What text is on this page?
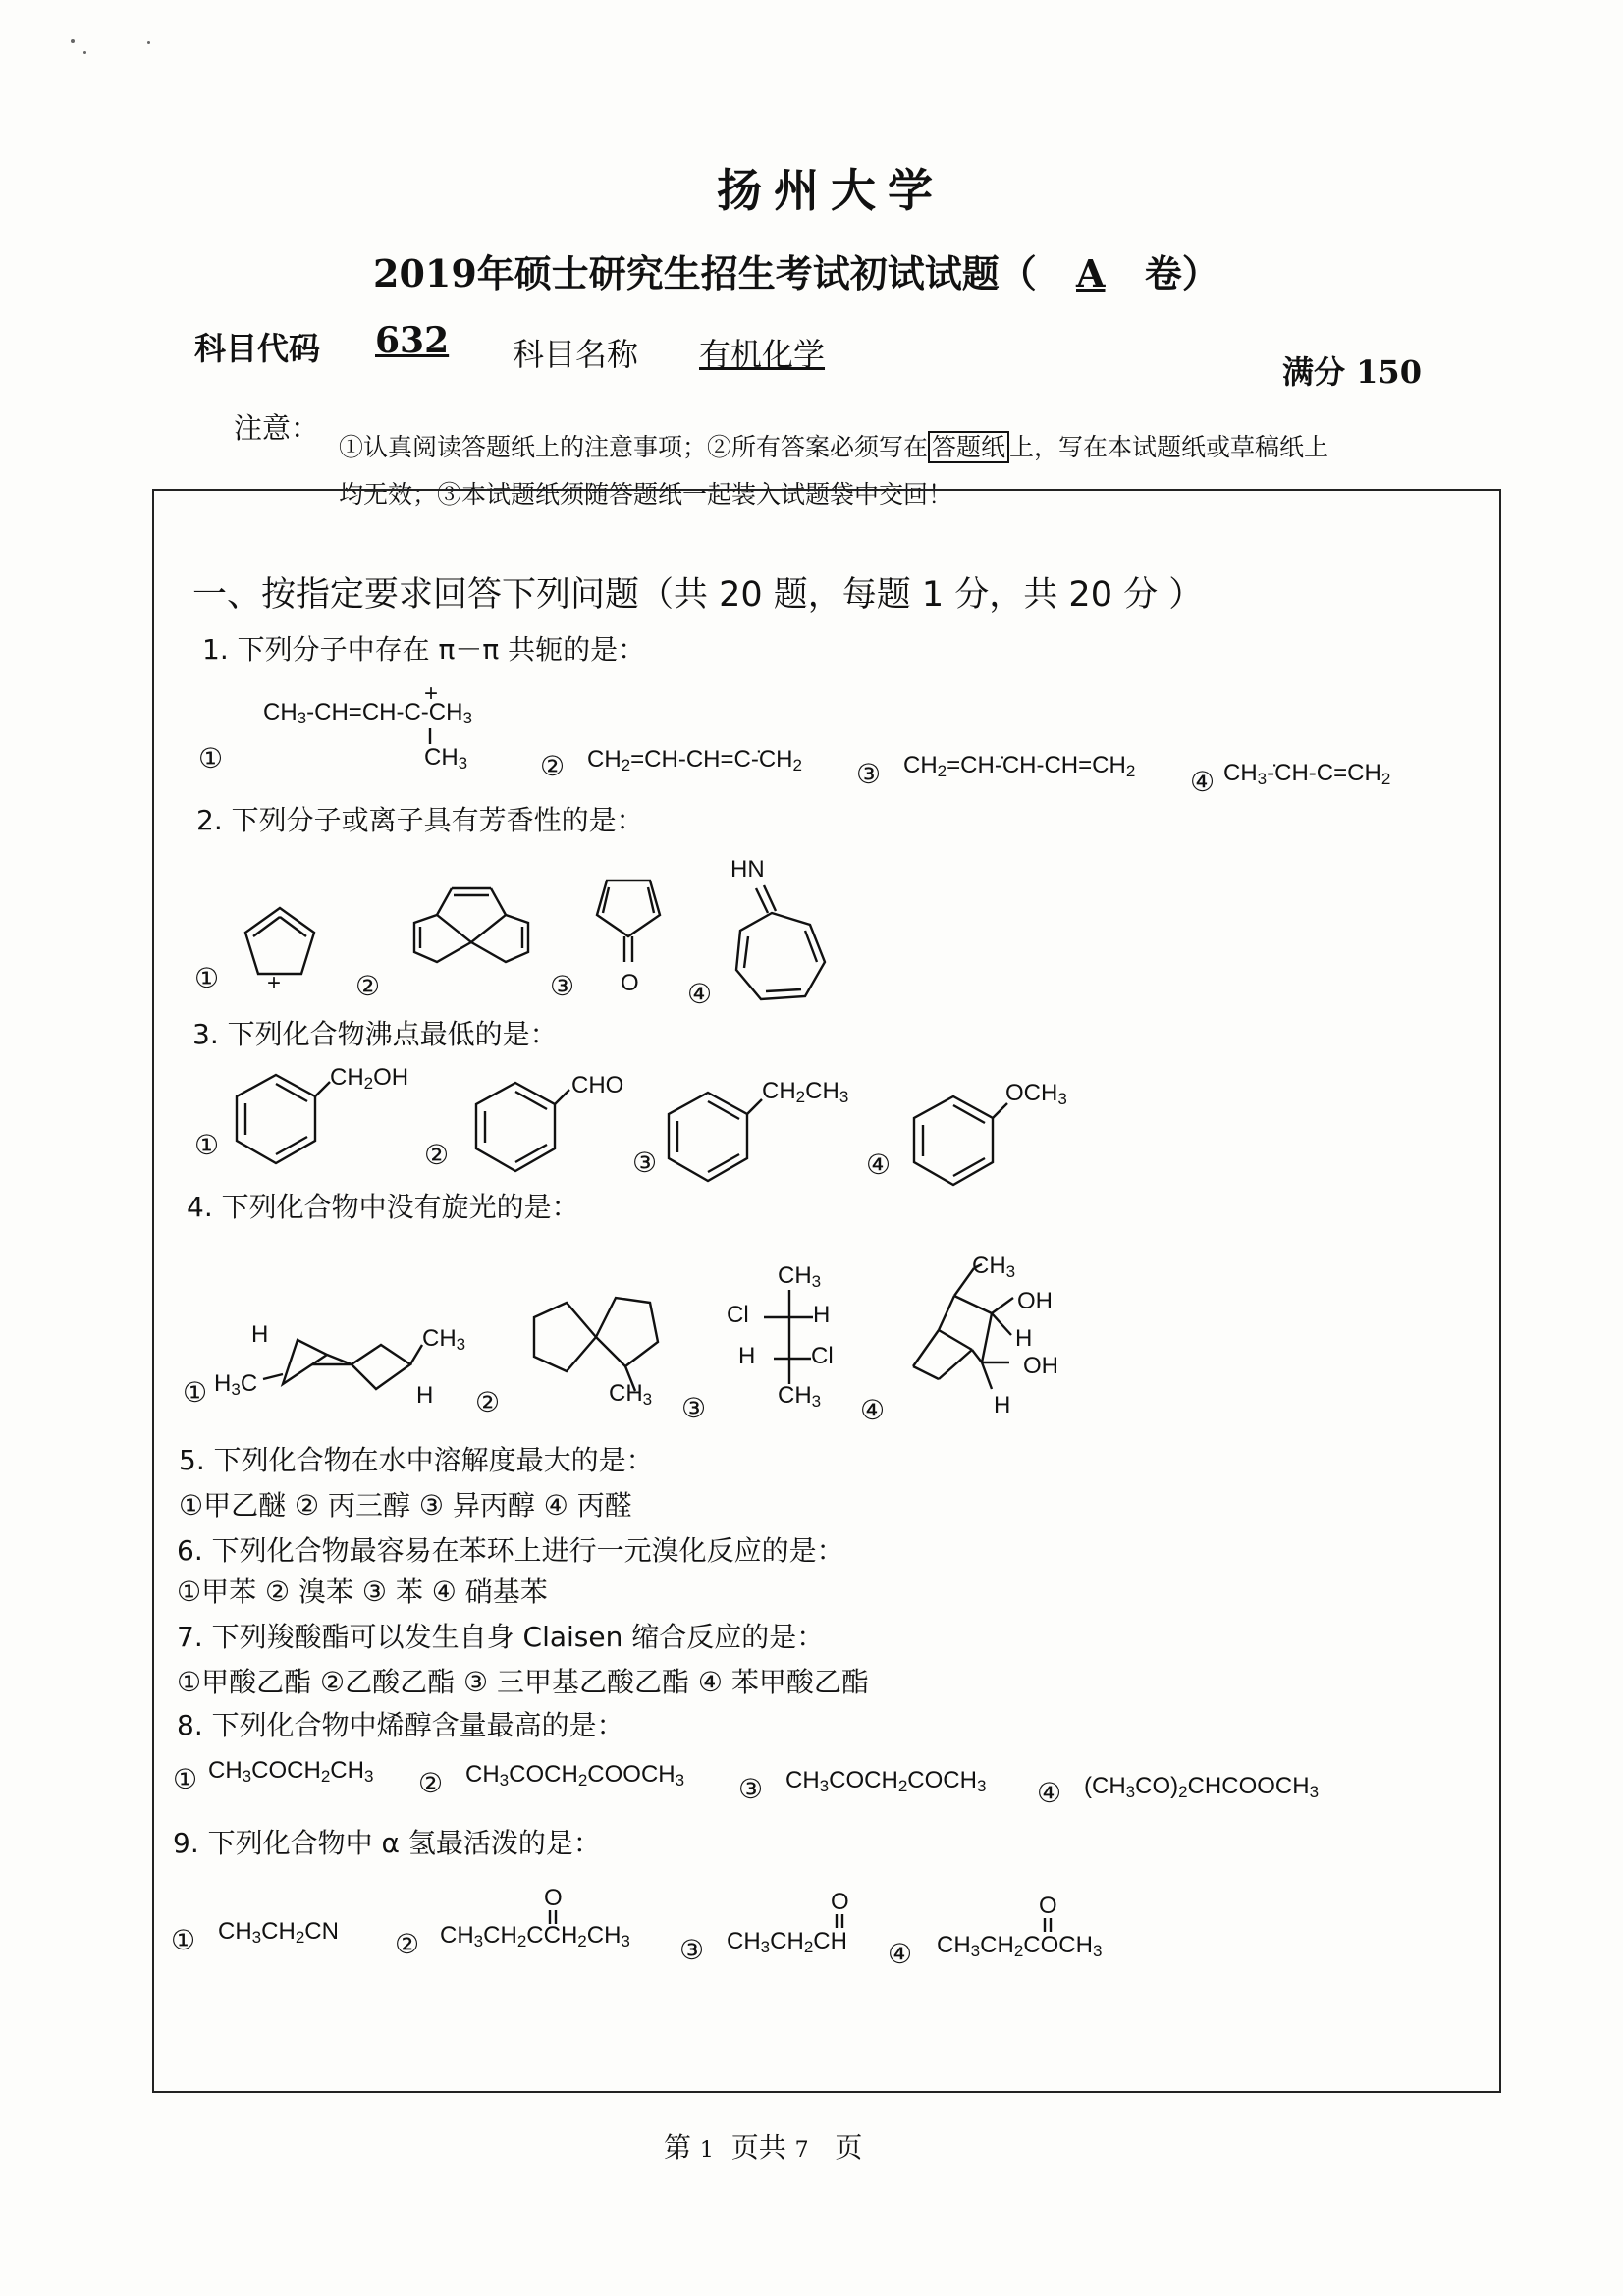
扬州大学
2019年硕士研究生招生考试初试试题（ A 卷）
科目代码 632 科目名称 有机化学	满分 150
注意：
①认真阅读答题纸上的注意事项；②所有答案必须写在 答题纸 上，写在本试题纸或草稿纸上
均无效；③本试题纸须随答题纸一起装入试题袋中交回！
一、按指定要求回答下列问题（共 20 题，每题 1 分，共 20 分 ）
1. 下列分子中存在 π－π 共轭的是：
+
$CH_3-CH=CH-C-CH_3$
$CH_3$
①	② $CH_2=CH-CH=C-̇CH_2$ ③ $CH_2=CH-̇CH-CH=CH_2$ ④ $CH_3-̇CH-C=CH_2$
2. 下列分子或离子具有芳香性的是：
① +	②	③ O ④
HN
3. 下列化合物沸点最低的是：
①
$CH_2OH$
②
CHO
③
$CH_2CH_3$
④
$OCH_3$
4. 下列化合物中没有旋光的是：
①
H	$CH_3$
$H_3C$	H ②	$CH_3$ ③
$CH_3$
Cl	H
H Cl
$CH_3$ ④
$CH_3$
OH
H
OH
H
5. 下列化合物在水中溶解度最大的是：
①甲乙醚 ② 丙三醇 ③ 异丙醇 ④ 丙醛
6. 下列化合物最容易在苯环上进行一元溴化反应的是：
①甲苯 ② 溴苯 ③ 苯 ④ 硝基苯
7. 下列羧酸酯可以发生自身 Claisen 缩合反应的是：
①甲酸乙酯 ②乙酸乙酯 ③ 三甲基乙酸乙酯 ④ 苯甲酸乙酯
8. 下列化合物中烯醇含量最高的是：
① $CH_3COCH_2CH_3$ ② $CH_3COCH_2COOCH_3$ ③ $CH_3COCH_2COCH_3$ ④ $(CH_3CO)_2CHCOOCH_3$
9. 下列化合物中 α 氢最活泼的是：
① $CH_3CH_2CN$ ②
O
$CH_3CH_2CCH_2CH_3$ ③
O
$CH_3CH_2CH$ ④
O
$CH_3CH_2COCH_3$
第 1 页共 7 页
